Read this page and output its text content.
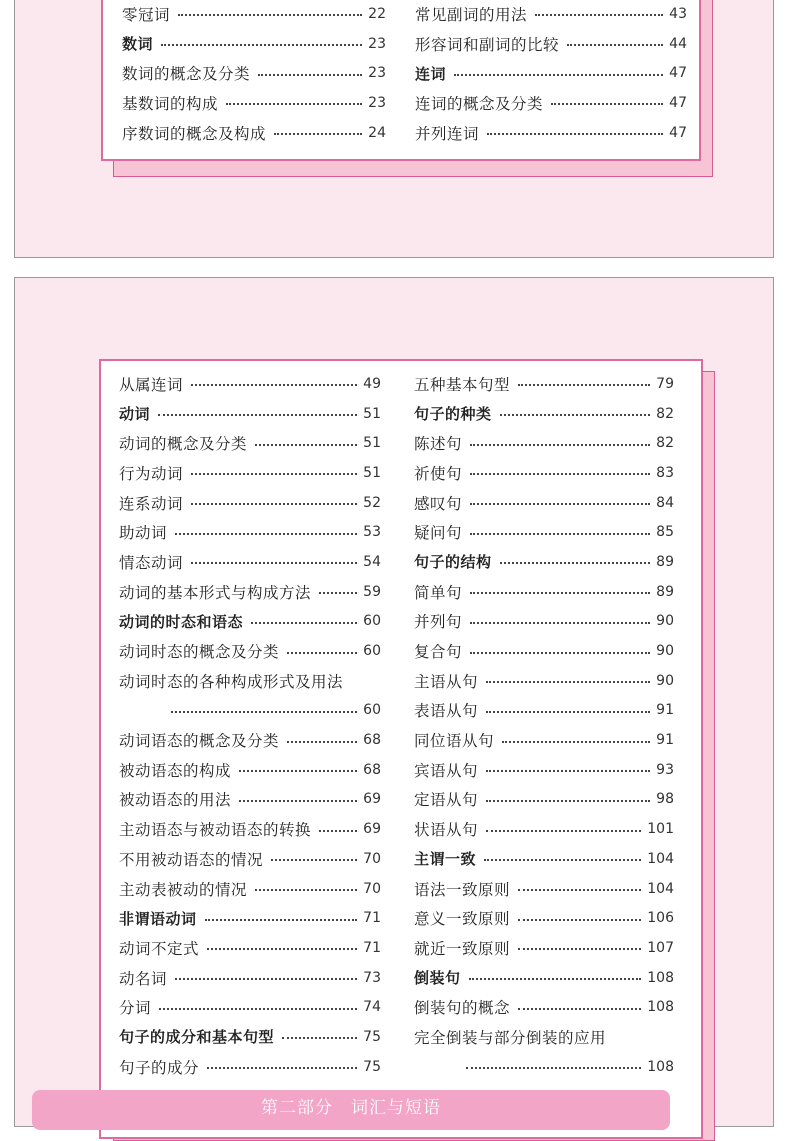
零冠词	22
数词	23
数词的概念及分类	23
基数词的构成	23
序数词的概念及构成	24
常见副词的用法	43
形容词和副词的比较	44
连词	47
连词的概念及分类	47
并列连词	47
从属连词	49
动词	51
动词的概念及分类	51
行为动词	51
连系动词	52
助动词	53
情态动词	54
动词的基本形式与构成方法	59
动词的时态和语态	60
动词时态的概念及分类	60
动词时态的各种构成形式及用法
60
动词语态的概念及分类	68
被动语态的构成	68
被动语态的用法	69
主动语态与被动语态的转换	69
不用被动语态的情况	70
主动表被动的情况	70
非谓语动词	71
动词不定式	71
动名词	73
分词	74
句子的成分和基本句型	75
句子的成分	75
五种基本句型	79
句子的种类	82
陈述句	82
祈使句	83
感叹句	84
疑问句	85
句子的结构	89
简单句	89
并列句	90
复合句	90
主语从句	90
表语从句	91
同位语从句	91
宾语从句	93
定语从句	98
状语从句	101
主谓一致	104
语法一致原则	104
意义一致原则	106
就近一致原则	107
倒装句	108
倒装句的概念	108
完全倒装与部分倒装的应用
108
第二部分　词汇与短语
